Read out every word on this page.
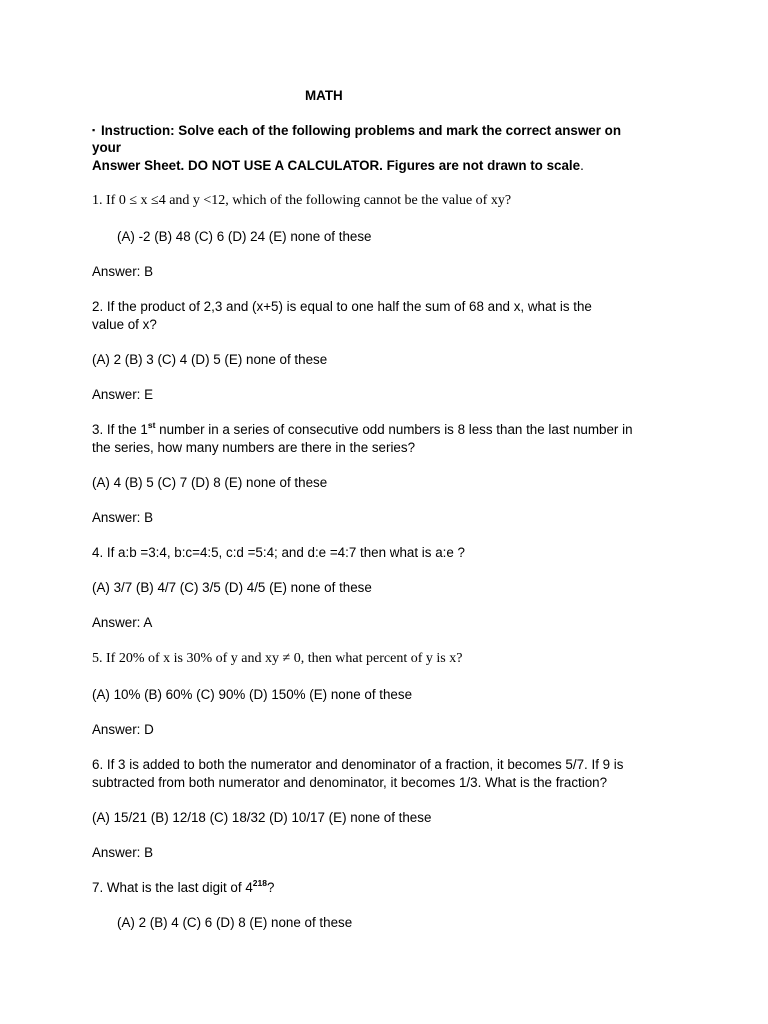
MATH
▪ Instruction: Solve each of the following problems and mark the correct answer on
your
Answer Sheet. DO NOT USE A CALCULATOR. Figures are not drawn to scale.
1. If 0 ≤ x ≤4 and y <12, which of the following cannot be the value of xy?
(A) -2 (B) 48 (C) 6 (D) 24 (E) none of these
Answer: B
2. If the product of 2,3 and (x+5) is equal to one half the sum of 68 and x, what is the
value of x?
(A) 2 (B) 3 (C) 4 (D) 5 (E) none of these
Answer: E
3. If the 1st number in a series of consecutive odd numbers is 8 less than the last number in
the series, how many numbers are there in the series?
(A) 4 (B) 5 (C) 7 (D) 8 (E) none of these
Answer: B
4. If a:b =3:4, b:c=4:5, c:d =5:4; and d:e =4:7 then what is a:e ?
(A) 3/7 (B) 4/7 (C) 3/5 (D) 4/5 (E) none of these
Answer: A
5. If 20% of x is 30% of y and xy ≠ 0, then what percent of y is x?
(A) 10% (B) 60% (C) 90% (D) 150% (E) none of these
Answer: D
6. If 3 is added to both the numerator and denominator of a fraction, it becomes 5/7. If 9 is
subtracted from both numerator and denominator, it becomes 1/3. What is the fraction?
(A) 15/21 (B) 12/18 (C) 18/32 (D) 10/17 (E) none of these
Answer: B
7. What is the last digit of $4^{218}$?
(A) 2 (B) 4 (C) 6 (D) 8 (E) none of these
